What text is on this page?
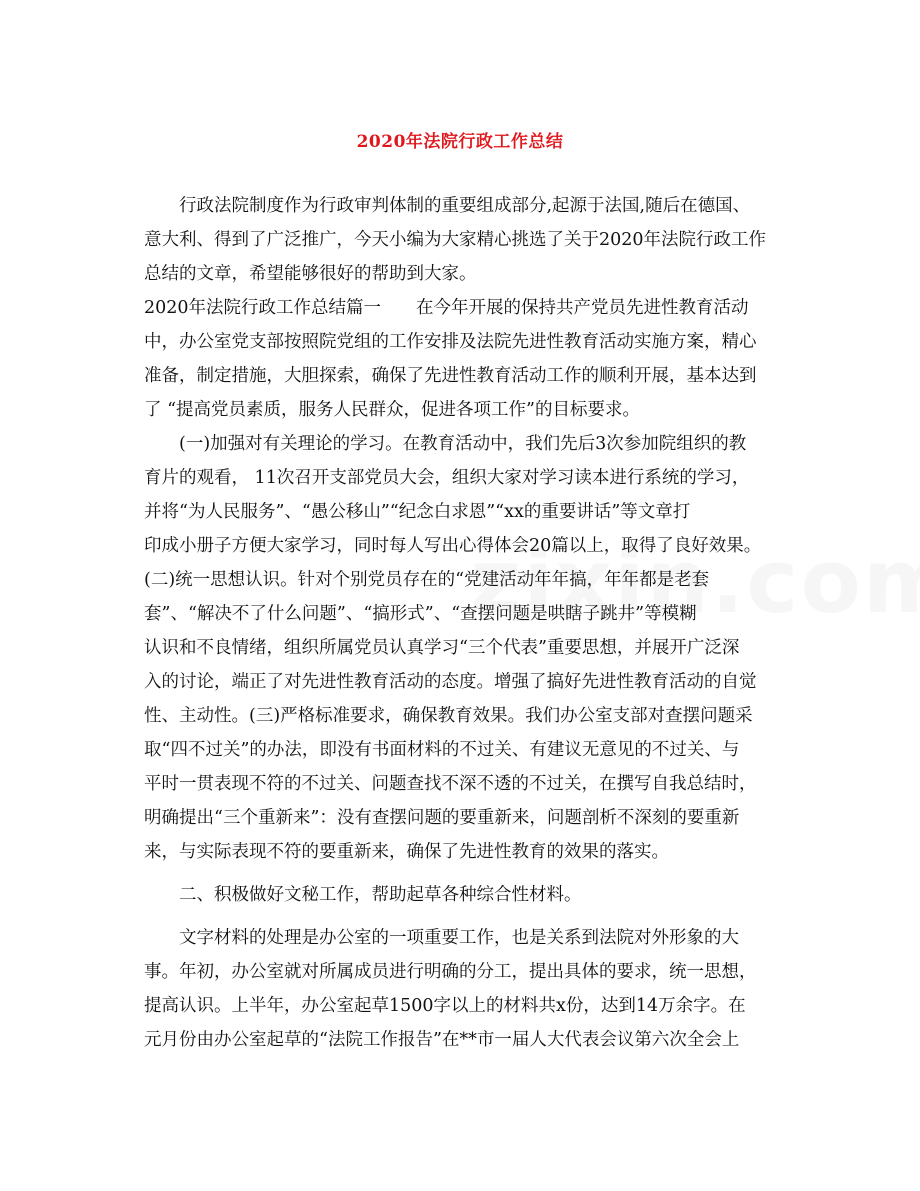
2020年法院行政工作总结

　　行政法院制度作为行政审判体制的重要组成部分,起源于法国,随后在德国、

意大利、得到了广泛推广，今天小编为大家精心挑选了关于2020年法院行政工作

总结的文章，希望能够很好的帮助到大家。

2020年法院行政工作总结篇一　　在今年开展的保持共产党员先进性教育活动

中，办公室党支部按照院党组的工作安排及法院先进性教育活动实施方案，精心

准备，制定措施，大胆探索，确保了先进性教育活动工作的顺利开展，基本达到

了 “提高党员素质，服务人民群众，促进各项工作”的目标要求。

　　(一)加强对有关理论的学习。在教育活动中，我们先后3次参加院组织的教

育片的观看， 11次召开支部党员大会，组织大家对学习读本进行系统的学习，

并将“为人民服务”、“愚公移山”“纪念白求恩”“xx的重要讲话”等文章打

印成小册子方便大家学习，同时每人写出心得体会20篇以上，取得了良好效果。

(二)统一思想认识。针对个别党员存在的“党建活动年年搞，年年都是老套

套”、“解决不了什么问题”、“搞形式”、“查摆问题是哄瞎子跳井”等模糊

认识和不良情绪，组织所属党员认真学习“三个代表”重要思想，并展开广泛深

入的讨论，端正了对先进性教育活动的态度。增强了搞好先进性教育活动的自觉

性、主动性。(三)严格标准要求，确保教育效果。我们办公室支部对查摆问题采

取“四不过关”的办法，即没有书面材料的不过关、有建议无意见的不过关、与

平时一贯表现不符的不过关、问题查找不深不透的不过关，在撰写自我总结时，

明确提出“三个重新来”：没有查摆问题的要重新来，问题剖析不深刻的要重新

来，与实际表现不符的要重新来，确保了先进性教育的效果的落实。

　　二、积极做好文秘工作，帮助起草各种综合性材料。

　　文字材料的处理是办公室的一项重要工作，也是关系到法院对外形象的大

事。年初，办公室就对所属成员进行明确的分工，提出具体的要求，统一思想，

提高认识。上半年，办公室起草1500字以上的材料共x份，达到14万余字。在

元月份由办公室起草的“法院工作报告”在**市一届人大代表会议第六次全会上
